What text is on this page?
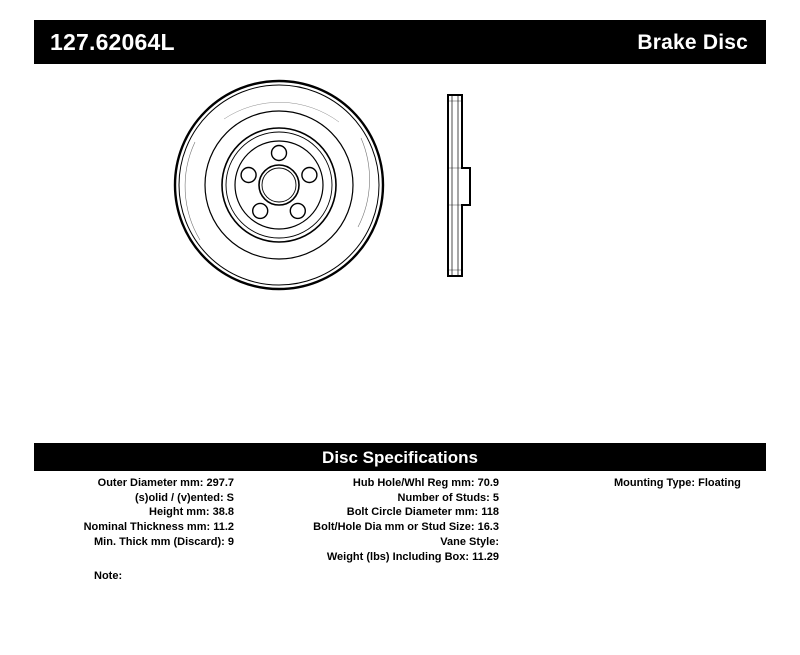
127.62064L	Brake Disc
Disc Specifications
Outer Diameter mm: 297.7
(s)olid / (v)ented: S
Height mm: 38.8
Nominal Thickness mm: 11.2
Min. Thick mm (Discard): 9
Hub Hole/Whl Reg mm: 70.9
Number of Studs: 5
Bolt Circle Diameter mm: 118
Bolt/Hole Dia mm or Stud Size: 16.3
Vane Style:
Weight (lbs) Including Box: 11.29
Mounting Type: Floating
Note:
